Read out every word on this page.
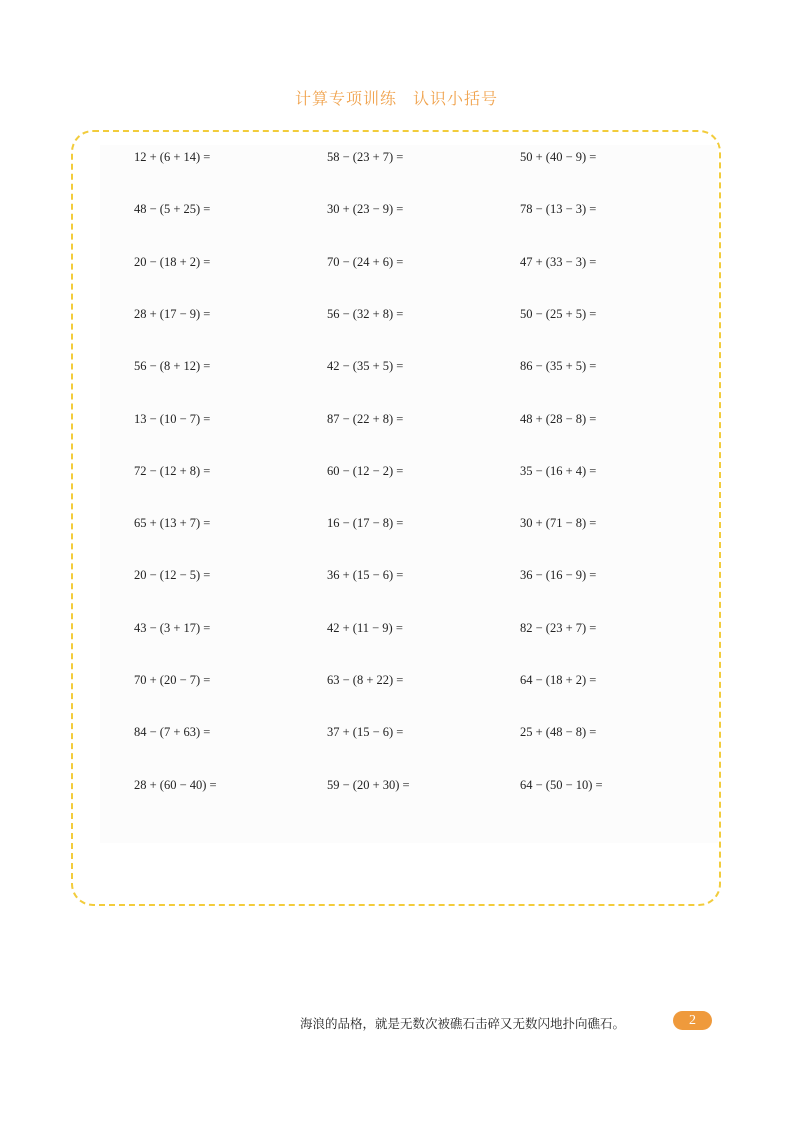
计算专项训练 认识小括号
12 + (6 + 14) =	58 − (23 + 7) =	50 + (40 − 9) =
48 − (5 + 25) =	30 + (23 − 9) =	78 − (13 − 3) =
20 − (18 + 2) =	70 − (24 + 6) =	47 + (33 − 3) =
28 + (17 − 9) =	56 − (32 + 8) =	50 − (25 + 5) =
56 − (8 + 12) =	42 − (35 + 5) =	86 − (35 + 5) =
13 − (10 − 7) =	87 − (22 + 8) =	48 + (28 − 8) =
72 − (12 + 8) =	60 − (12 − 2) =	35 − (16 + 4) =
65 + (13 + 7) =	16 − (17 − 8) =	30 + (71 − 8) =
20 − (12 − 5) =	36 + (15 − 6) =	36 − (16 − 9) =
43 − (3 + 17) =	42 + (11 − 9) =	82 − (23 + 7) =
70 + (20 − 7) =	63 − (8 + 22) =	64 − (18 + 2) =
84 − (7 + 63) =	37 + (15 − 6) =	25 + (48 − 8) =
28 + (60 − 40) =	59 − (20 + 30) =	64 − (50 − 10) =
海浪的品格，就是无数次被礁石击碎又无数闪地扑向礁石。	2
